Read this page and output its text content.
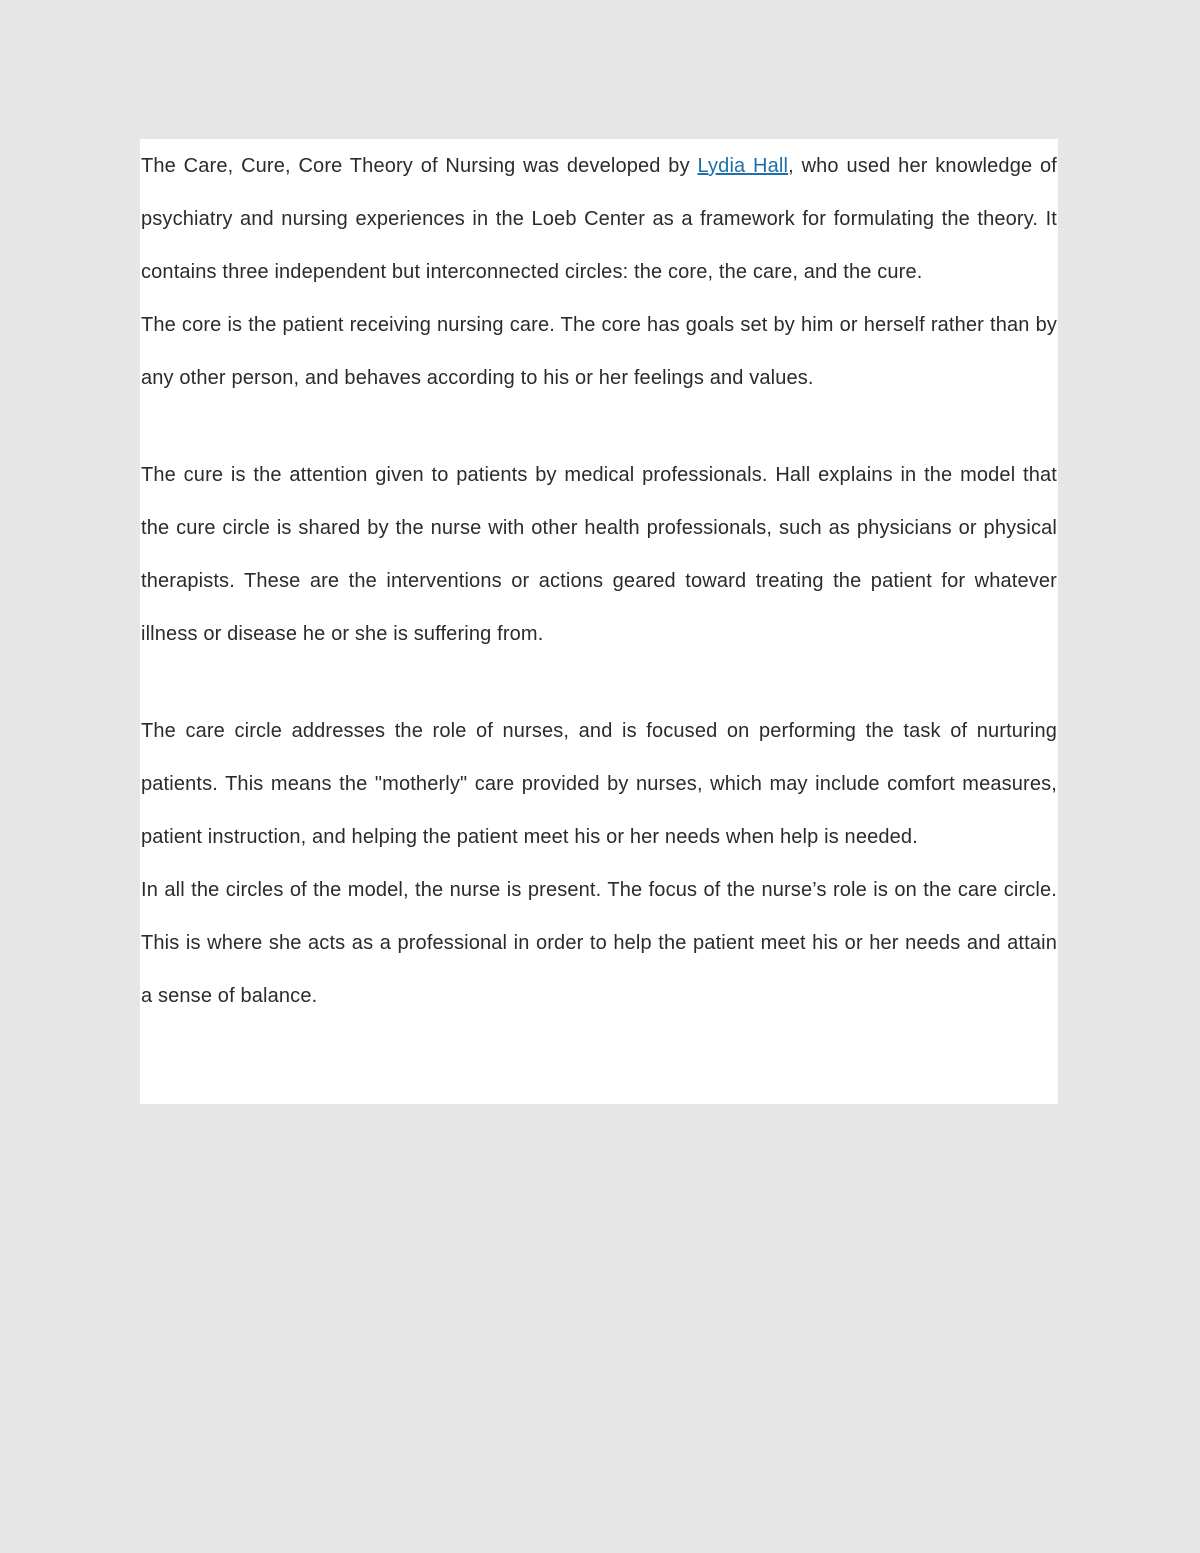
The Care, Cure, Core Theory of Nursing was developed by Lydia Hall, who used her knowledge of psychiatry and nursing experiences in the Loeb Center as a framework for formulating the theory. It contains three independent but interconnected circles: the core, the care, and the cure.

The core is the patient receiving nursing care. The core has goals set by him or herself rather than by any other person, and behaves according to his or her feelings and values.

The cure is the attention given to patients by medical professionals. Hall explains in the model that the cure circle is shared by the nurse with other health professionals, such as physicians or physical therapists. These are the interventions or actions geared toward treating the patient for whatever illness or disease he or she is suffering from.

The care circle addresses the role of nurses, and is focused on performing the task of nurturing patients. This means the "motherly" care provided by nurses, which may include comfort measures, patient instruction, and helping the patient meet his or her needs when help is needed.

In all the circles of the model, the nurse is present. The focus of the nurse’s role is on the care circle. This is where she acts as a professional in order to help the patient meet his or her needs and attain a sense of balance.
